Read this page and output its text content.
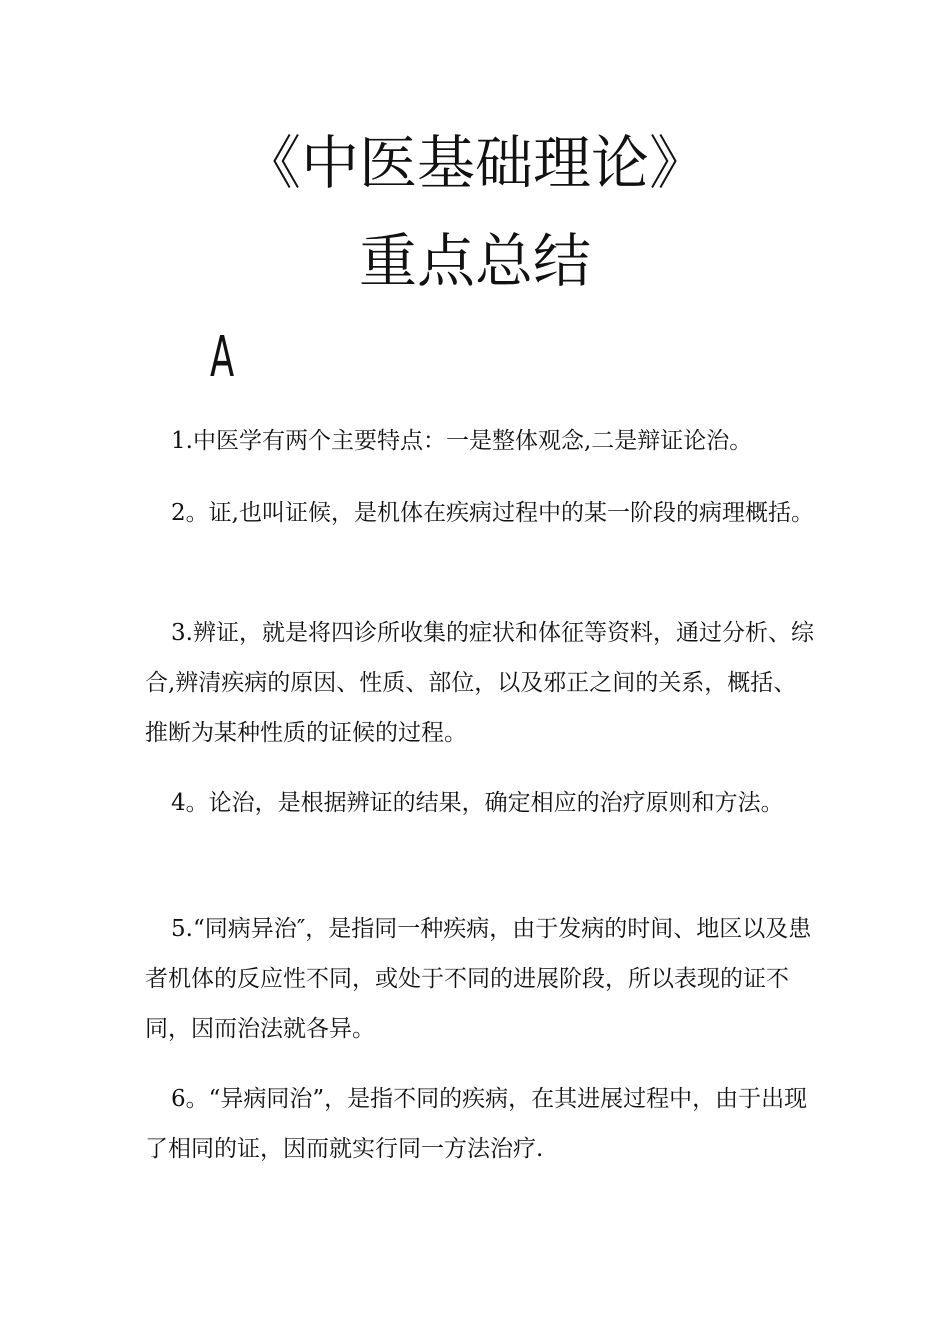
《中医基础理论》
重点总结
A

1.中医学有两个主要特点：一是整体观念,二是辩证论治。

2。证,也叫证候，是机体在疾病过程中的某一阶段的病理概括。

3.辨证，就是将四诊所收集的症状和体征等资料，通过分析、综合,辨清疾病的原因、性质、部位，以及邪正之间的关系，概括、推断为某种性质的证候的过程。

4。论治，是根据辨证的结果，确定相应的治疗原则和方法。

5.“同病异治″，是指同一种疾病，由于发病的时间、地区以及患者机体的反应性不同，或处于不同的进展阶段，所以表现的证不同，因而治法就各异。

6。“异病同治”，是指不同的疾病，在其进展过程中，由于出现了相同的证，因而就实行同一方法治疗.
